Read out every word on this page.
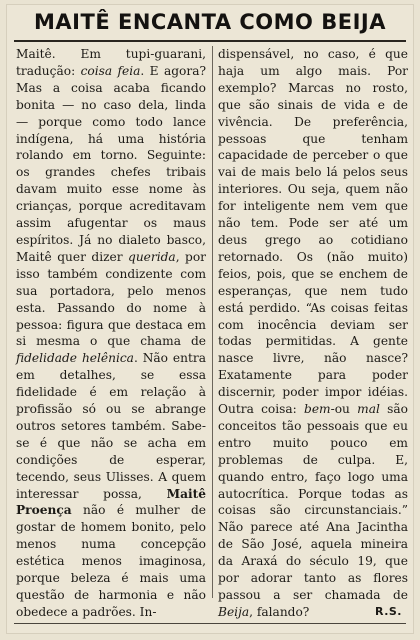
MAITÊ ENCANTA COMO BEIJA

Maitê. Em tupi-guarani, tradução: coisa feia. E agora? Mas a coisa acaba ficando bonita — no caso dela, linda — porque como todo lance indígena, há uma história rolando em torno. Seguinte: os grandes chefes tribais davam muito esse nome às crianças, porque acreditavam assim afugentar os maus espíritos. Já no dialeto basco, Maitê quer dizer querida, por isso também condizente com sua portadora, pelo menos esta. Passando do nome à pessoa: figura que destaca em si mesma o que chama de fidelidade helênica. Não entra em detalhes, se essa fidelidade é em relação à profissão só ou se abrange outros setores também. Sabe-se é que não se acha em condições de esperar, tecendo, seus Ulisses. A quem interessar possa, Maitê Proença não é mulher de gostar de homem bonito, pelo menos numa concepção estética menos imaginosa, porque beleza é mais uma questão de harmonia e não obedece a padrões. In-

dispensável, no caso, é que haja um algo mais. Por exemplo? Marcas no rosto, que são sinais de vida e de vivência. De preferência, pessoas que tenham capacidade de perceber o que vai de mais belo lá pelos seus interiores. Ou seja, quem não for inteligente nem vem que não tem. Pode ser até um deus grego ao cotidiano retornado. Os (não muito) feios, pois, que se enchem de esperanças, que nem tudo está perdido. “As coisas feitas com inocência deviam ser todas permitidas. A gente nasce livre, não nasce? Exatamente para poder discernir, poder impor idéias. Outra coisa: bem-ou mal são conceitos tão pessoais que eu entro muito pouco em problemas de culpa. E, quando entro, faço logo uma autocrítica. Porque todas as coisas são circunstanciais.” Não parece até Ana Jacintha de São José, aquela mineira da Araxá do século 19, que por adorar tanto as flores passou a ser chamada de Beija, falando?	R.S.
